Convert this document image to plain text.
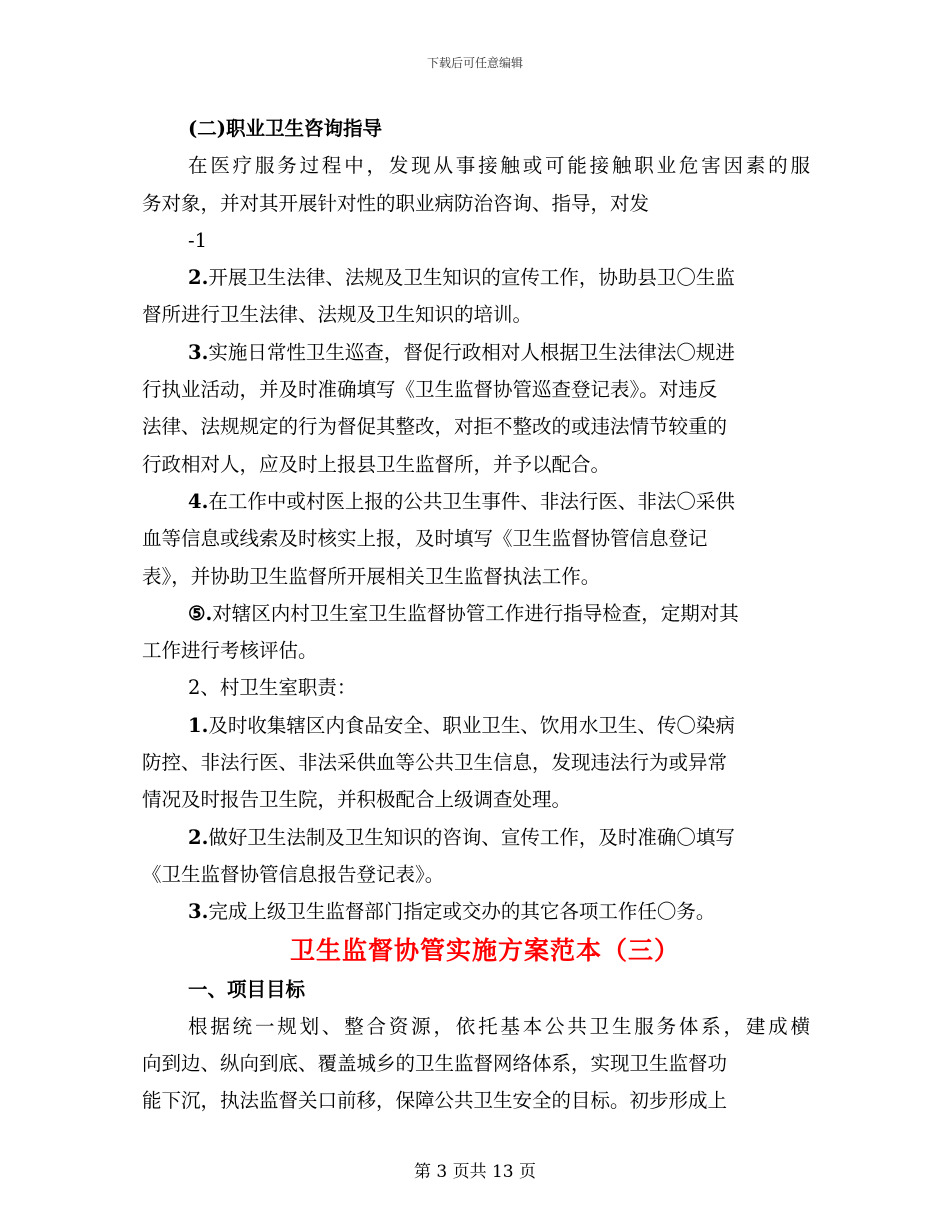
下载后可任意编辑
(二)职业卫生咨询指导
在医疗服务过程中，发现从事接触或可能接触职业危害因素的服
务对象，并对其开展针对性的职业病防治咨询、指导，对发
-1
2.开展卫生法律、法规及卫生知识的宣传工作，协助县卫〇生监
督所进行卫生法律、法规及卫生知识的培训。
3.实施日常性卫生巡查，督促行政相对人根据卫生法律法〇规进
行执业活动，并及时准确填写《卫生监督协管巡查登记表》。对违反
法律、法规规定的行为督促其整改，对拒不整改的或违法情节较重的
行政相对人，应及时上报县卫生监督所，并予以配合。
4.在工作中或村医上报的公共卫生事件、非法行医、非法〇采供
血等信息或线索及时核实上报，及时填写《卫生监督协管信息登记
表》，并协助卫生监督所开展相关卫生监督执法工作。
⑤.对辖区内村卫生室卫生监督协管工作进行指导检查，定期对其
工作进行考核评估。
2、村卫生室职责：
1.及时收集辖区内食品安全、职业卫生、饮用水卫生、传〇染病
防控、非法行医、非法采供血等公共卫生信息，发现违法行为或异常
情况及时报告卫生院，并积极配合上级调查处理。
2.做好卫生法制及卫生知识的咨询、宣传工作，及时准确〇填写
《卫生监督协管信息报告登记表》。
3.完成上级卫生监督部门指定或交办的其它各项工作任〇务。
卫生监督协管实施方案范本（三）
一、项目目标
根据统一规划、整合资源，依托基本公共卫生服务体系，建成横
向到边、纵向到底、覆盖城乡的卫生监督网络体系，实现卫生监督功
能下沉，执法监督关口前移，保障公共卫生安全的目标。初步形成上
第 3 页共 13 页
